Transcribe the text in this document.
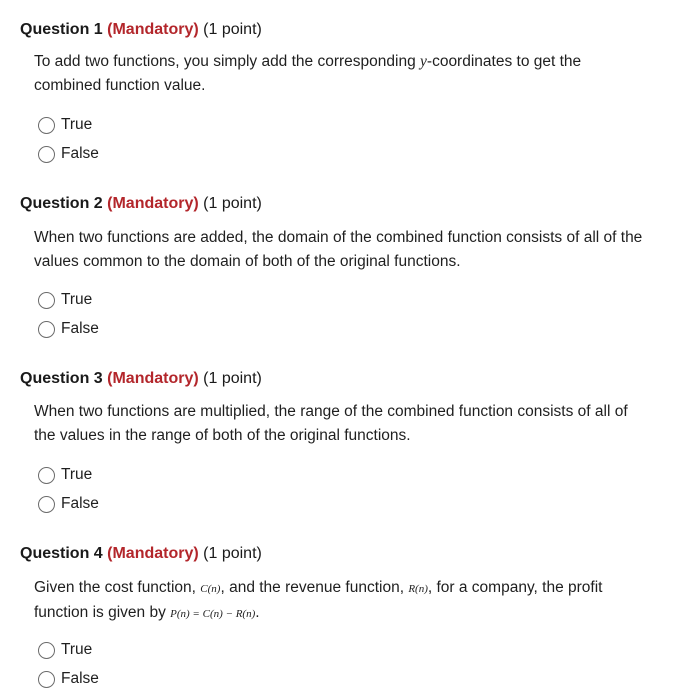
Question 1 (Mandatory) (1 point)
To add two functions, you simply add the corresponding y-coordinates to get the combined function value.
True
False
Question 2 (Mandatory) (1 point)
When two functions are added, the domain of the combined function consists of all of the values common to the domain of both of the original functions.
True
False
Question 3 (Mandatory) (1 point)
When two functions are multiplied, the range of the combined function consists of all of the values in the range of both of the original functions.
True
False
Question 4 (Mandatory) (1 point)
Given the cost function, C(n), and the revenue function, R(n), for a company, the profit function is given by P(n) = C(n) − R(n).
True
False
